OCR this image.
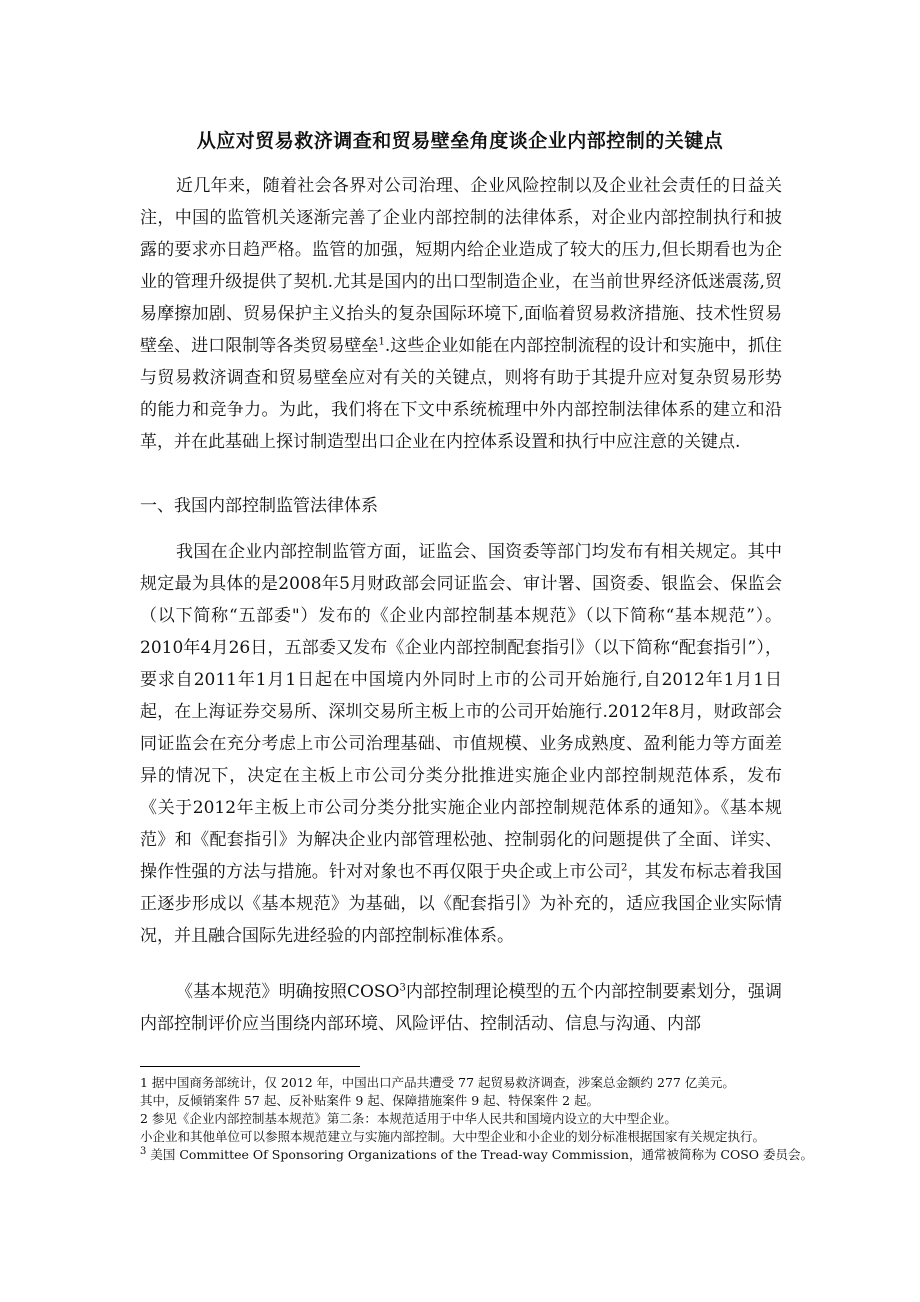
从应对贸易救济调查和贸易壁垒角度谈企业内部控制的关键点

近几年来，随着社会各界对公司治理、企业风险控制以及企业社会责任的日益关注，中国的监管机关逐渐完善了企业内部控制的法律体系，对企业内部控制执行和披露的要求亦日趋严格。监管的加强，短期内给企业造成了较大的压力,但长期看也为企业的管理升级提供了契机.尤其是国内的出口型制造企业，在当前世界经济低迷震荡,贸易摩擦加剧、贸易保护主义抬头的复杂国际环境下,面临着贸易救济措施、技术性贸易壁垒、进口限制等各类贸易壁垒$^1$.这些企业如能在内部控制流程的设计和实施中，抓住与贸易救济调查和贸易壁垒应对有关的关键点，则将有助于其提升应对复杂贸易形势的能力和竞争力。为此，我们将在下文中系统梳理中外内部控制法律体系的建立和沿革，并在此基础上探讨制造型出口企业在内控体系设置和执行中应注意的关键点.

一、我国内部控制监管法律体系

我国在企业内部控制监管方面，证监会、国资委等部门均发布有相关规定。其中规定最为具体的是2008年5月财政部会同证监会、审计署、国资委、银监会、保监会（以下简称“五部委"）发布的《企业内部控制基本规范》（以下简称“基本规范”）。2010年4月26日，五部委又发布《企业内部控制配套指引》（以下简称“配套指引”），要求自2011年1月1日起在中国境内外同时上市的公司开始施行,自2012年1月1日起，在上海证券交易所、深圳交易所主板上市的公司开始施行.2012年8月，财政部会同证监会在充分考虑上市公司治理基础、市值规模、业务成熟度、盈利能力等方面差异的情况下，决定在主板上市公司分类分批推进实施企业内部控制规范体系，发布《关于2012年主板上市公司分类分批实施企业内部控制规范体系的通知》。《基本规范》和《配套指引》为解决企业内部管理松弛、控制弱化的问题提供了全面、详实、操作性强的方法与措施。针对对象也不再仅限于央企或上市公司$^2$，其发布标志着我国正逐步形成以《基本规范》为基础，以《配套指引》为补充的，适应我国企业实际情况，并且融合国际先进经验的内部控制标准体系。

《基本规范》明确按照COSO$^3$内部控制理论模型的五个内部控制要素划分，强调内部控制评价应当围绕内部环境、风险评估、控制活动、信息与沟通、内部

1 据中国商务部统计，仅 2012 年，中国出口产品共遭受 77 起贸易救济调查，涉案总金额约 277 亿美元。

其中，反倾销案件 57 起、反补贴案件 9 起、保障措施案件 9 起、特保案件 2 起。

2 参见《企业内部控制基本规范》第二条：本规范适用于中华人民共和国境内设立的大中型企业。

小企业和其他单位可以参照本规范建立与实施内部控制。大中型企业和小企业的划分标准根据国家有关规定执行。

$^3$ 美国 Committee Of Sponsoring Organizations of the Tread-way Commission，通常被简称为 COSO 委员会。
